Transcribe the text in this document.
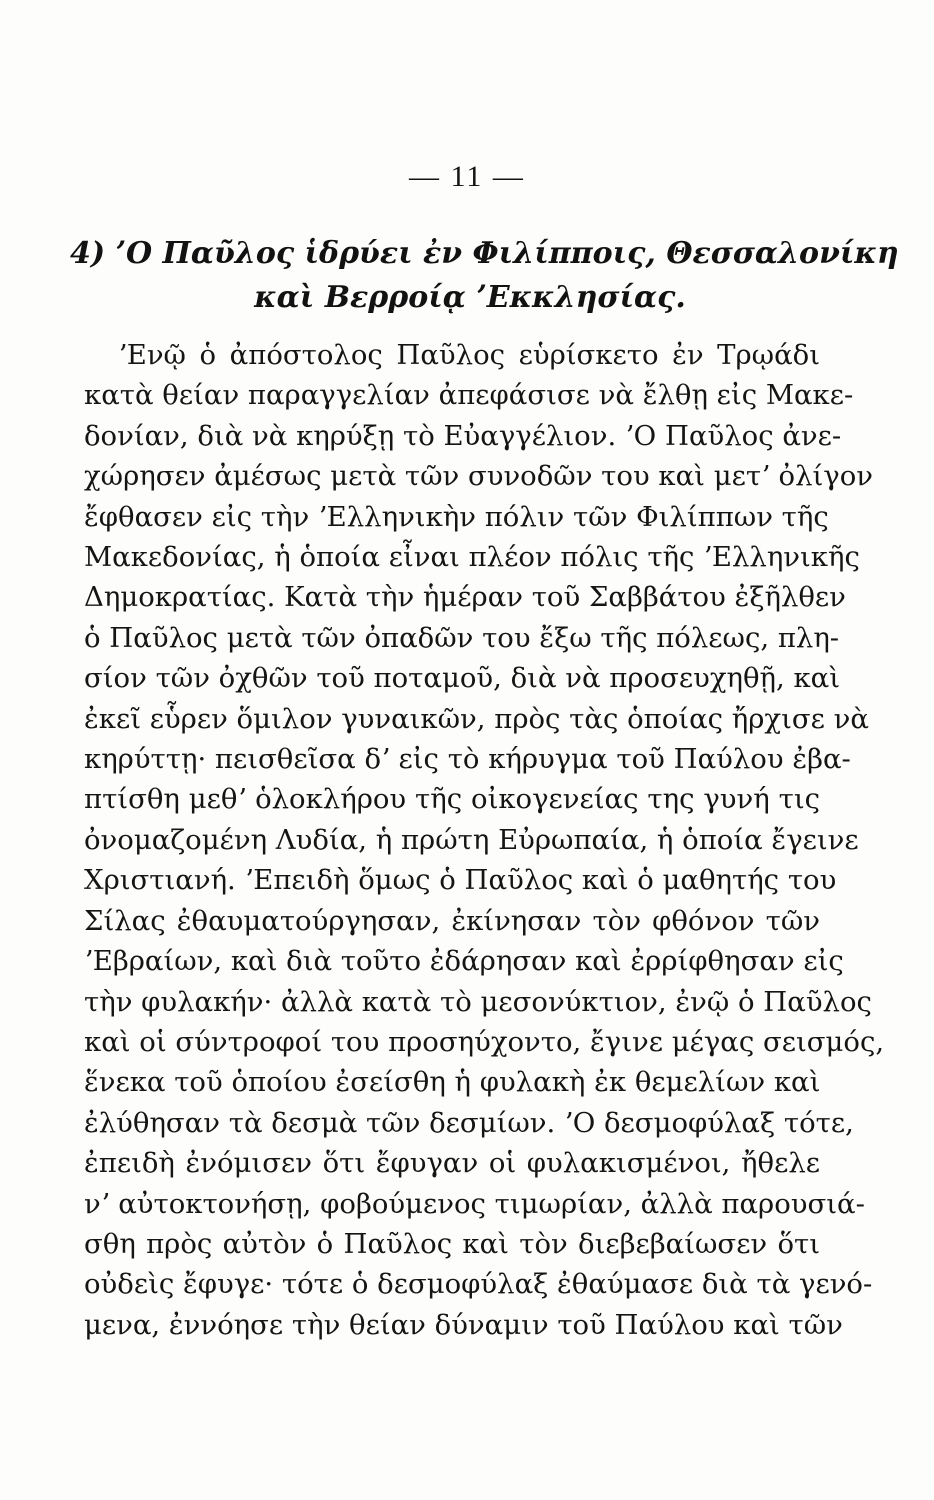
— 11 —
4) ʼΟ Παῦλος ἱδρύει ἐν Φιλίπποις, Θεσσαλονίκη
καὶ Βερροίᾳ ʼΕκκλησίας.
ʼΕνῷ ὁ ἀπόστολος Παῦλος εὑρίσκετο ἐν Τρῳάδι
κατὰ θείαν παραγγελίαν ἀπεφάσισε νὰ ἔλθῃ εἰς Μακε-
δονίαν, διὰ νὰ κηρύξῃ τὸ Εὐαγγέλιον. ʼΟ Παῦλος ἀνε-
χώρησεν ἀμέσως μετὰ τῶν συνοδῶν του καὶ μετʼ ὀλίγον
ἔφθασεν εἰς τὴν ʼΕλληνικὴν πόλιν τῶν Φιλίππων τῆς
Μακεδονίας, ἡ ὁποία εἶναι πλέον πόλις τῆς ʼΕλληνικῆς
Δημοκρατίας. Κατὰ τὴν ἡμέραν τοῦ Σαββάτου ἐξῆλθεν
ὁ Παῦλος μετὰ τῶν ὀπαδῶν του ἔξω τῆς πόλεως, πλη-
σίον τῶν ὀχθῶν τοῦ ποταμοῦ, διὰ νὰ προσευχηθῇ, καὶ
ἐκεῖ εὗρεν ὅμιλον γυναικῶν, πρὸς τὰς ὁποίας ἤρχισε νὰ
κηρύττῃ· πεισθεῖσα δʼ εἰς τὸ κήρυγμα τοῦ Παύλου ἐβα-
πτίσθη μεθʼ ὁλοκλήρου τῆς οἰκογενείας της γυνή τις
ὀνομαζομένη Λυδία, ἡ πρώτη Εὐρωπαία, ἡ ὁποία ἔγεινε
Χριστιανή. ʼΕπειδὴ ὅμως ὁ Παῦλος καὶ ὁ μαθητής του
Σίλας ἐθαυματούργησαν, ἐκίνησαν τὸν φθόνον τῶν
ʼΕβραίων, καὶ διὰ τοῦτο ἐδάρησαν καὶ ἐρρίφθησαν εἰς
τὴν φυλακήν· ἀλλὰ κατὰ τὸ μεσονύκτιον, ἐνῷ ὁ Παῦλος
καὶ οἱ σύντροφοί του προσηύχοντο, ἔγινε μέγας σεισμός,
ἕνεκα τοῦ ὁποίου ἐσείσθη ἡ φυλακὴ ἐκ θεμελίων καὶ
ἐλύθησαν τὰ δεσμὰ τῶν δεσμίων. ʼΟ δεσμοφύλαξ τότε,
ἐπειδὴ ἐνόμισεν ὅτι ἔφυγαν οἱ φυλακισμένοι, ἤθελε
νʼ αὐτοκτονήσῃ, φοβούμενος τιμωρίαν, ἀλλὰ παρουσιά-
σθη πρὸς αὐτὸν ὁ Παῦλος καὶ τὸν διεβεβαίωσεν ὅτι
οὐδεὶς ἔφυγε· τότε ὁ δεσμοφύλαξ ἐθαύμασε διὰ τὰ γενό-
μενα, ἐννόησε τὴν θείαν δύναμιν τοῦ Παύλου καὶ τῶν
